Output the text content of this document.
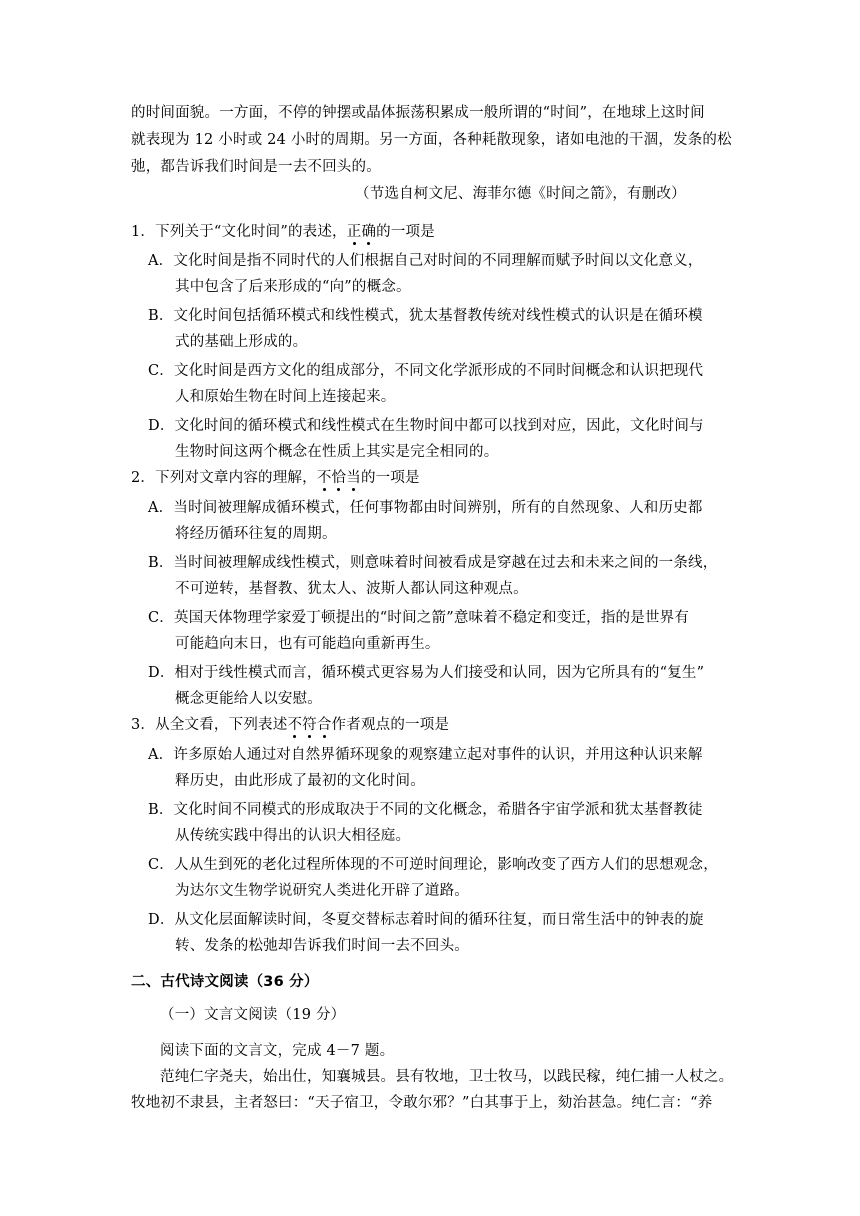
的时间面貌。一方面，不停的钟摆或晶体振荡积累成一般所谓的“时间”，在地球上这时间
就表现为 12 小时或 24 小时的周期。另一方面，各种耗散现象，诸如电池的干涸，发条的松
弛，都告诉我们时间是一去不回头的。
（节选自柯文尼、海菲尔德《时间之箭》，有删改）
1．下列关于“文化时间”的表述，正确的一项是
A．文化时间是指不同时代的人们根据自己对时间的不同理解而赋予时间以文化意义，
其中包含了后来形成的“向”的概念。
B．文化时间包括循环模式和线性模式，犹太基督教传统对线性模式的认识是在循环模
式的基础上形成的。
C．文化时间是西方文化的组成部分，不同文化学派形成的不同时间概念和认识把现代
人和原始生物在时间上连接起来。
D．文化时间的循环模式和线性模式在生物时间中都可以找到对应，因此，文化时间与
生物时间这两个概念在性质上其实是完全相同的。
2．下列对文章内容的理解，不恰当的一项是
A．当时间被理解成循环模式，任何事物都由时间辨别，所有的自然现象、人和历史都
将经历循环往复的周期。
B．当时间被理解成线性模式，则意味着时间被看成是穿越在过去和未来之间的一条线，
不可逆转，基督教、犹太人、波斯人都认同这种观点。
C．英国天体物理学家爱丁顿提出的“时间之箭”意味着不稳定和变迁，指的是世界有
可能趋向末日，也有可能趋向重新再生。
D．相对于线性模式而言，循环模式更容易为人们接受和认同，因为它所具有的“复生”
概念更能给人以安慰。
3．从全文看，下列表述不符合作者观点的一项是
A．许多原始人通过对自然界循环现象的观察建立起对事件的认识，并用这种认识来解
释历史，由此形成了最初的文化时间。
B．文化时间不同模式的形成取决于不同的文化概念，希腊各宇宙学派和犹太基督教徒
从传统实践中得出的认识大相径庭。
C．人从生到死的老化过程所体现的不可逆时间理论，影响改变了西方人们的思想观念，
为达尔文生物学说研究人类进化开辟了道路。
D．从文化层面解读时间，冬夏交替标志着时间的循环往复，而日常生活中的钟表的旋
转、发条的松弛却告诉我们时间一去不回头。
二、古代诗文阅读（36 分）
（一）文言文阅读（19 分）
阅读下面的文言文，完成 4－7 题。
范纯仁字尧夫，始出仕，知襄城县。县有牧地，卫士牧马，以践民稼，纯仁捕一人杖之。
牧地初不隶县，主者怒曰：“天子宿卫，令敢尔邪？”白其事于上，劾治甚急。纯仁言：“养
